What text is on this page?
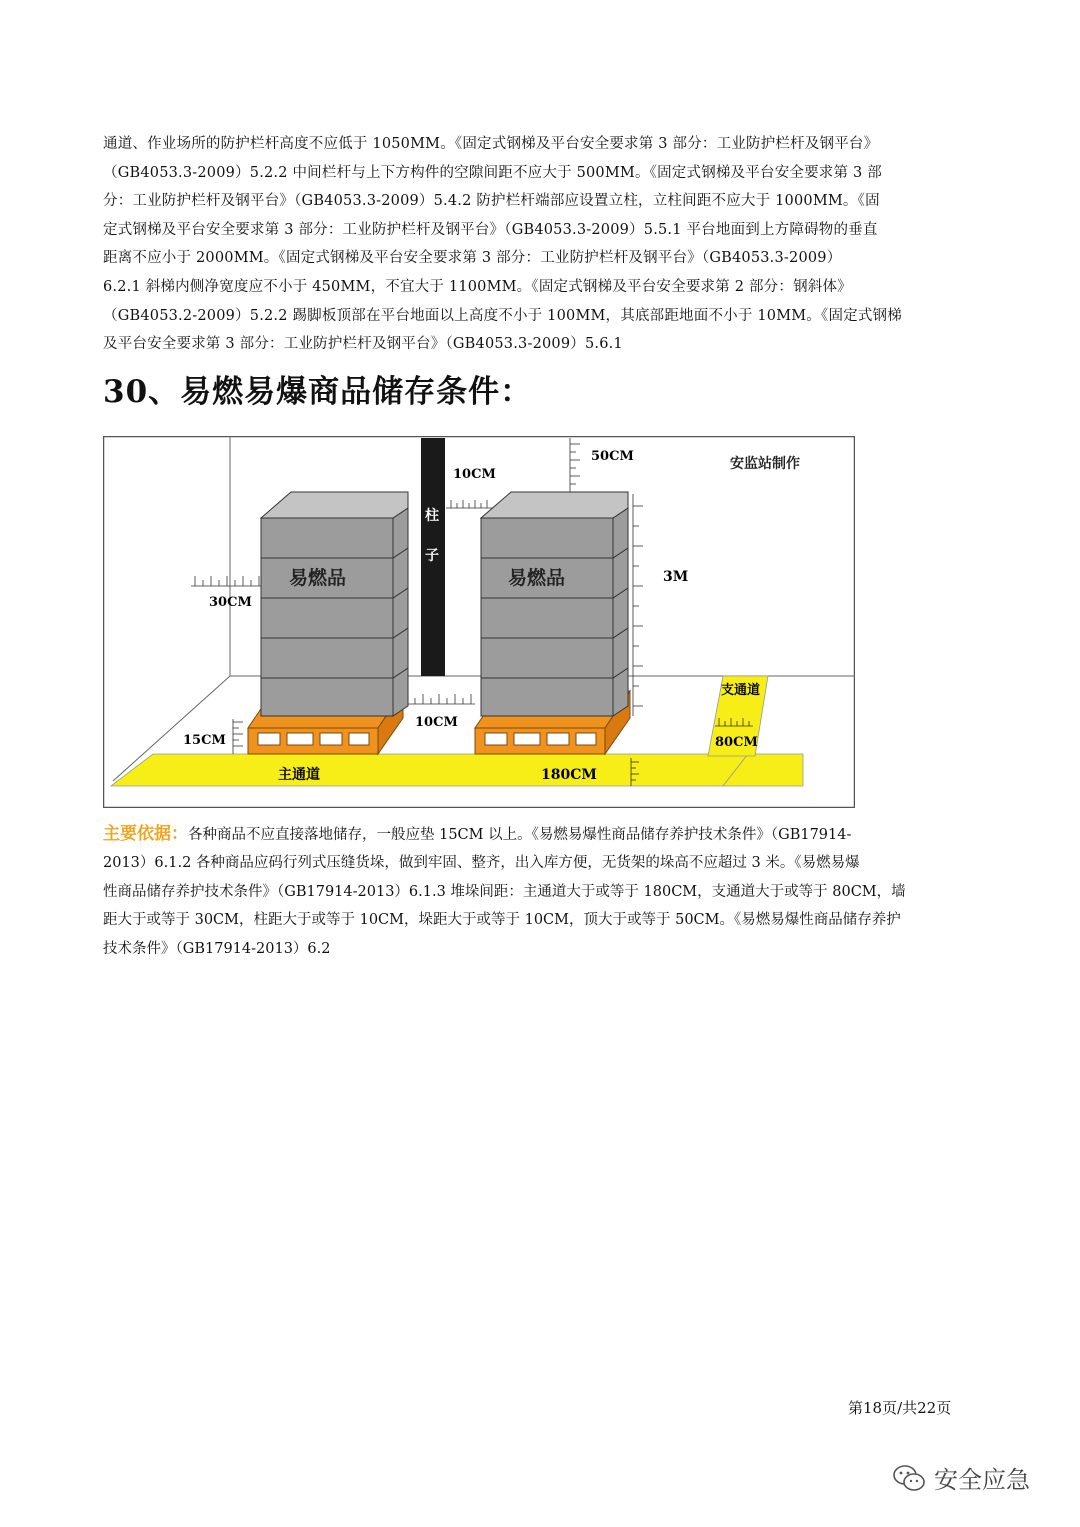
通道、作业场所的防护栏杆高度不应低于 1050MM。《固定式钢梯及平台安全要求第 3 部分：工业防护栏杆及钢平台》
（GB4053.3-2009）5.2.2 中间栏杆与上下方构件的空隙间距不应大于 500MM。《固定式钢梯及平台安全要求第 3 部
分：工业防护栏杆及钢平台》（GB4053.3-2009）5.4.2 防护栏杆端部应设置立柱，立柱间距不应大于 1000MM。《固
定式钢梯及平台安全要求第 3 部分：工业防护栏杆及钢平台》（GB4053.3-2009）5.5.1 平台地面到上方障碍物的垂直
距离不应小于 2000MM。《固定式钢梯及平台安全要求第 3 部分：工业防护栏杆及钢平台》（GB4053.3-2009）
6.2.1 斜梯内侧净宽度应不小于 450MM，不宜大于 1100MM。《固定式钢梯及平台安全要求第 2 部分：钢斜体》
（GB4053.2-2009）5.2.2 踢脚板顶部在平台地面以上高度不小于 100MM，其底部距地面不小于 10MM。《固定式钢梯
及平台安全要求第 3 部分：工业防护栏杆及钢平台》（GB4053.3-2009）5.6.1
30、易燃易爆商品储存条件：
支通道
80CM
主通道	180CM
柱
子
10CM
50CM	安监站制作
3M
30CM
10CM
15CM
易燃品	易燃品
主要依据：各种商品不应直接落地储存，一般应垫 15CM 以上。《易燃易爆性商品储存养护技术条件》（GB17914-
2013）6.1.2 各种商品应码行列式压缝货垛，做到牢固、整齐，出入库方便，无货架的垛高不应超过 3 米。《易燃易爆
性商品储存养护技术条件》（GB17914-2013）6.1.3 堆垛间距：主通道大于或等于 180CM，支通道大于或等于 80CM，墙
距大于或等于 30CM，柱距大于或等于 10CM，垛距大于或等于 10CM，顶大于或等于 50CM。《易燃易爆性商品储存养护
技术条件》（GB17914-2013）6.2
第18页/共22页
安全应急
